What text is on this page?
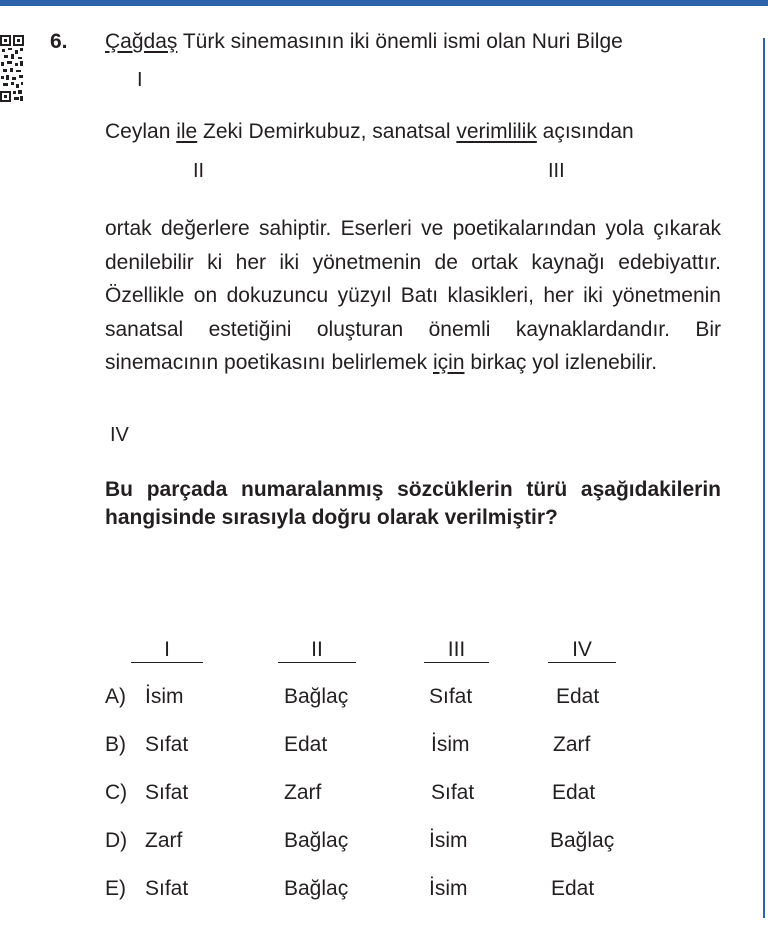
6. Çağdaş Türk sinemasının iki önemli ismi olan Nuri Bilge
I
Ceylan ile Zeki Demirkubuz, sanatsal verimlilik açısından
II	III
ortak değerlere sahiptir. Eserleri ve poetikalarından yola çıkarak denilebilir ki her iki yönetmenin de ortak kaynağı edebiyattır. Özellikle on dokuzuncu yüzyıl Batı klasikleri, her iki yönetmenin sanatsal estetiğini oluşturan önemli kaynaklardandır. Bir sinemacının poetikasını belirlemek için birkaç yol izlenebilir.
IV
Bu parçada numaralanmış sözcüklerin türü aşağıdakilerin hangisinde sırasıyla doğru olarak verilmiştir?
I	II	III	IV
A) İsim	Bağlaç	Sıfat	Edat
B) Sıfat	Edat	İsim	Zarf
C) Sıfat	Zarf	Sıfat	Edat
D) Zarf	Bağlaç	İsim	Bağlaç
E) Sıfat	Bağlaç	İsim	Edat
